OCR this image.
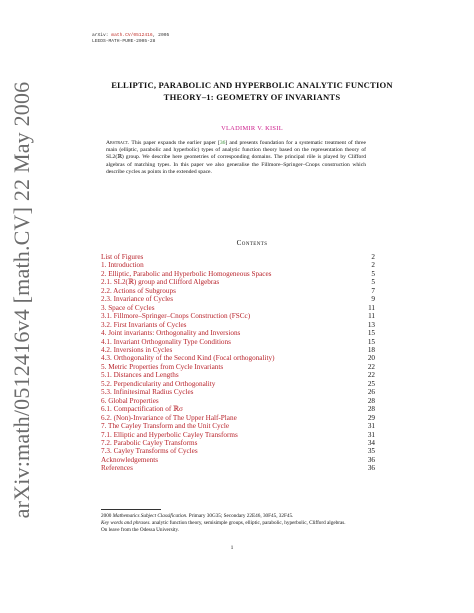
arXiv:math/0512416v4 [math.CV] 22 May 2006
arXiv: math.CV/0512416, 2005
LEEDS-MATH-PURE-2005-28
ELLIPTIC, PARABOLIC AND HYPERBOLIC ANALYTIC FUNCTION THEORY–1: GEOMETRY OF INVARIANTS
VLADIMIR V. KISIL
Abstract. This paper expands the earlier paper [36] and presents foundation for a systematic treatment of three main (elliptic, parabolic and hyperbolic) types of analytic function theory based on the representation theory of SL2(ℝ) group. We describe here geometries of corresponding domains. The principal rôle is played by Clifford algebras of matching types. In this paper we also generalise the Fillmore–Springer–Cnops construction which describe cycles as points in the extended space.
Contents
List of Figures	2
1. Introduction	2
2. Elliptic, Parabolic and Hyperbolic Homogeneous Spaces	5
2.1. SL2(ℝ) group and Clifford Algebras	5
2.2. Actions of Subgroups	7
2.3. Invariance of Cycles	9
3. Space of Cycles	11
3.1. Fillmore–Springer–Cnops Construction (FSCc)	11
3.2. First Invariants of Cycles	13
4. Joint invariants: Orthogonality and Inversions	15
4.1. Invariant Orthogonality Type Conditions	15
4.2. Inversions in Cycles	18
4.3. Orthogonality of the Second Kind (Focal orthogonality)	20
5. Metric Properties from Cycle Invariants	22
5.1. Distances and Lengths	22
5.2. Perpendicularity and Orthogonality	25
5.3. Infinitesimal Radius Cycles	26
6. Global Properties	28
6.1. Compactification of ℝσ	28
6.2. (Non)-Invariance of The Upper Half-Plane	29
7. The Cayley Transform and the Unit Cycle	31
7.1. Elliptic and Hyperbolic Cayley Transforms	31
7.2. Parabolic Cayley Transforms	34
7.3. Cayley Transforms of Cycles	35
Acknowledgements	36
References	36
2000 Mathematics Subject Classification. Primary 30G35; Secondary 22E46, 30F45, 32F45.
Key words and phrases. analytic function theory, semisimple groups, elliptic, parabolic, hyperbolic, Clifford algebras.
On leave from the Odessa University.
1
